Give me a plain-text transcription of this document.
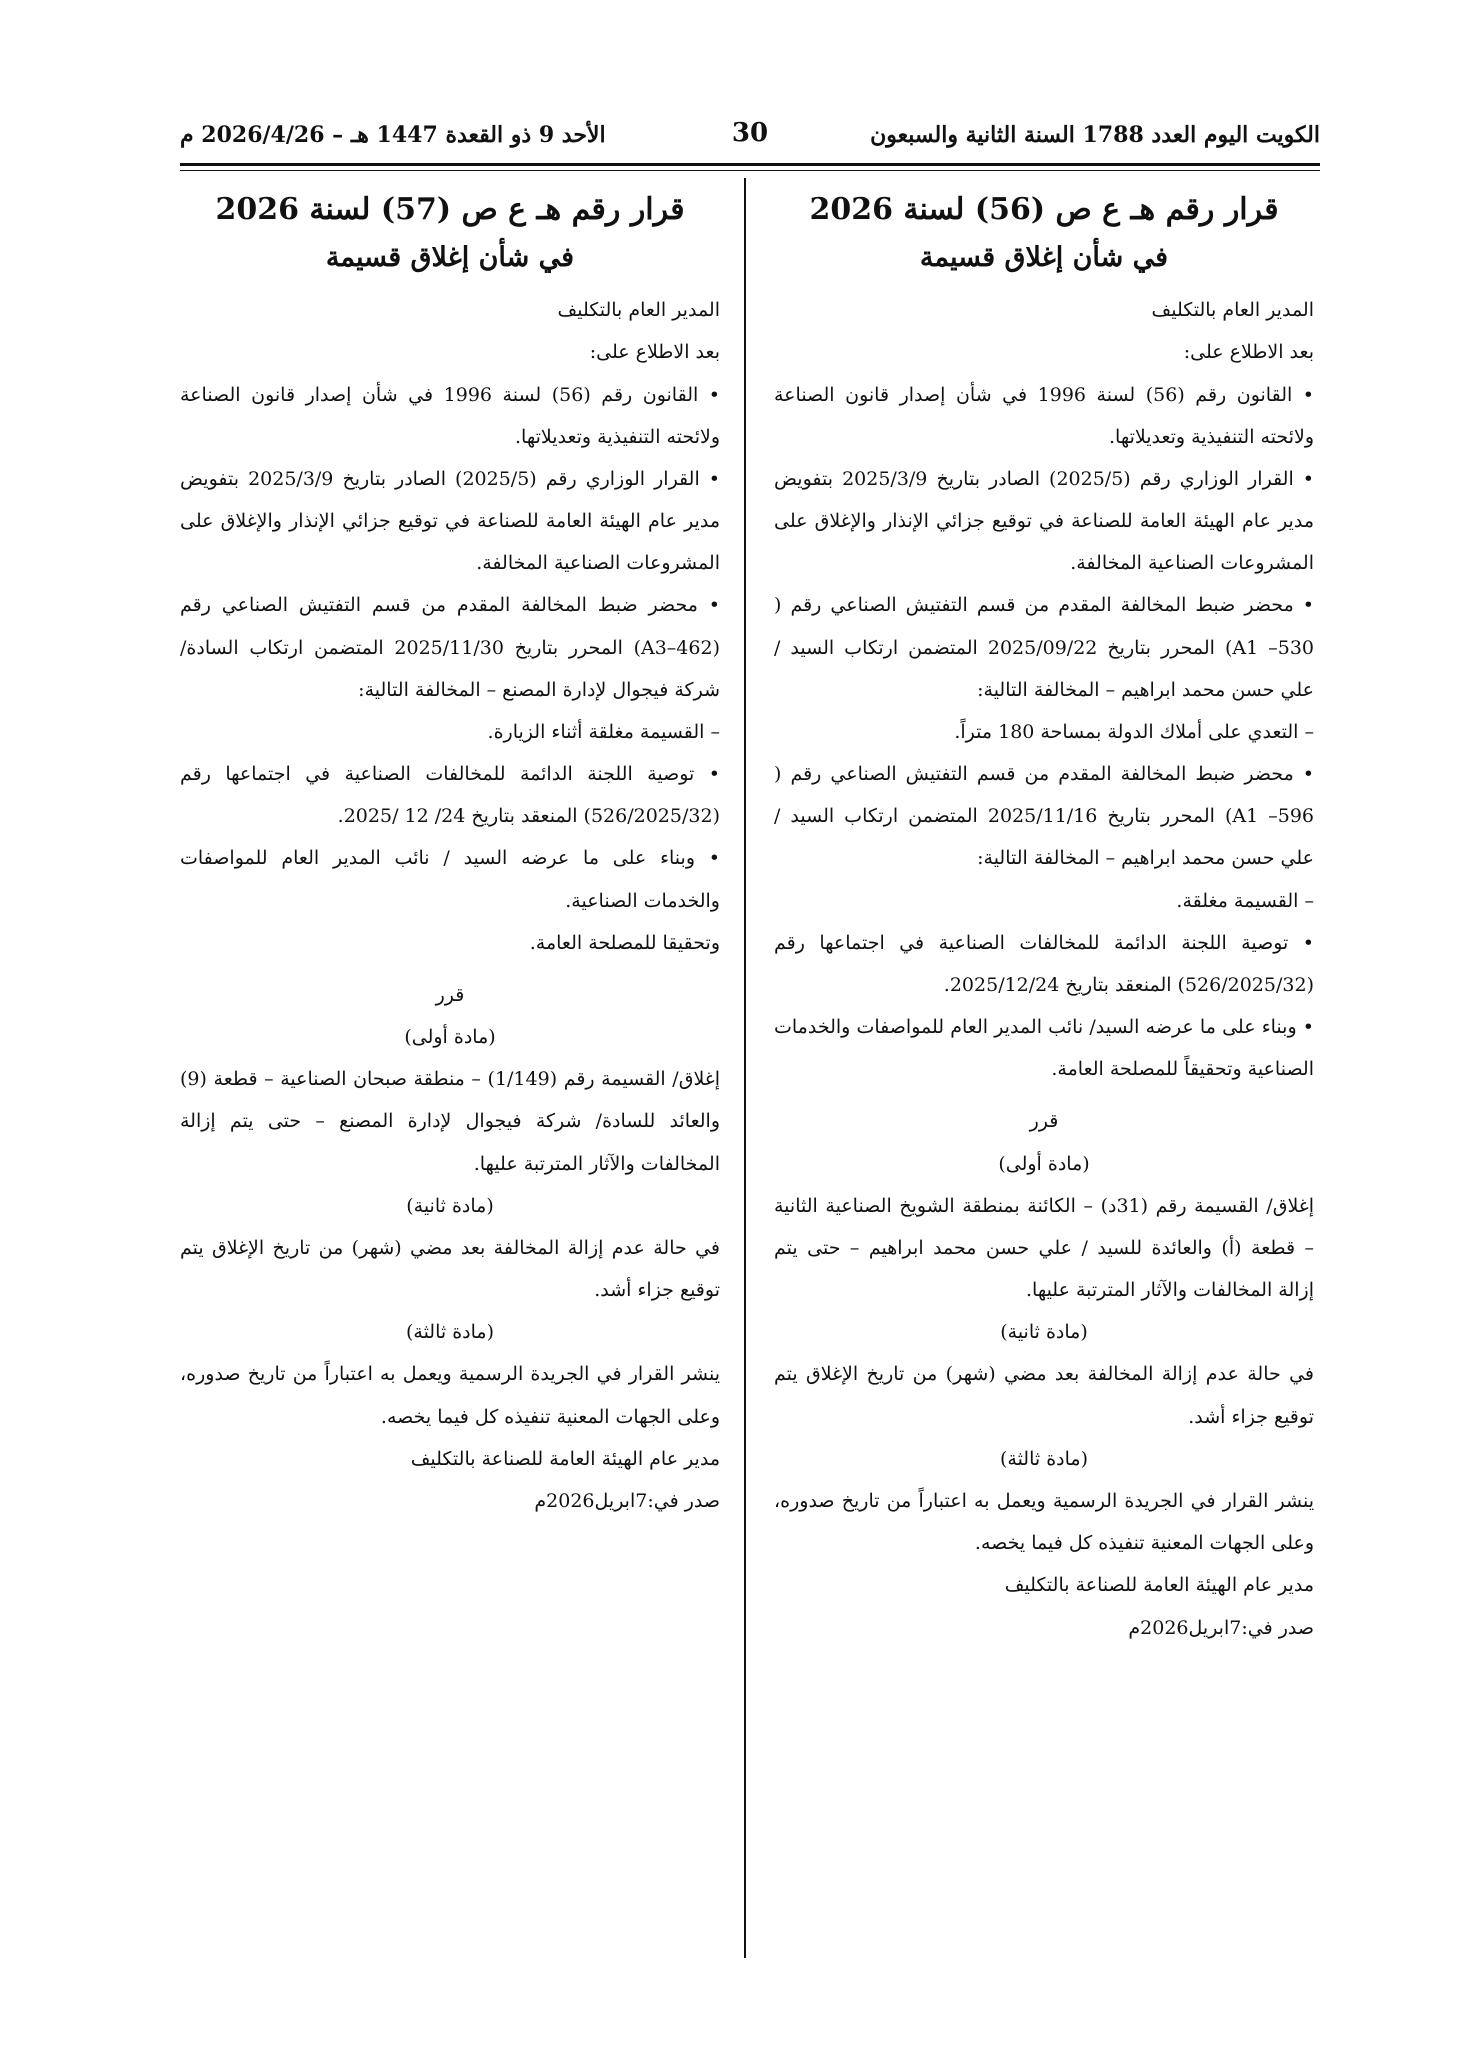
الكويت اليوم العدد 1788 السنة الثانية والسبعون
30
الأحد 9 ذو القعدة 1447 هـ – 2026/4/26 م
قرار رقم هـ ع ص (56) لسنة 2026
في شأن إغلاق قسيمة

المدير العام بالتكليف

بعد الاطلاع على:

• القانون رقم (56) لسنة 1996 في شأن إصدار قانون الصناعة ولائحته التنفيذية وتعديلاتها.

• القرار الوزاري رقم (2025/5) الصادر بتاريخ 2025/3/9 بتفويض مدير عام الهيئة العامة للصناعة في توقيع جزائي الإنذار والإغلاق على المشروعات الصناعية المخالفة.

• محضر ضبط المخالفة المقدم من قسم التفتيش الصناعي رقم ( A1 –530) المحرر بتاريخ 2025/09/22 المتضمن ارتكاب السيد / علي حسن محمد ابراهيم – المخالفة التالية:

– التعدي على أملاك الدولة بمساحة 180 متراً.

• محضر ضبط المخالفة المقدم من قسم التفتيش الصناعي رقم ( A1 –596) المحرر بتاريخ 2025/11/16 المتضمن ارتكاب السيد / علي حسن محمد ابراهيم – المخالفة التالية:

– القسيمة مغلقة.

• توصية اللجنة الدائمة للمخالفات الصناعية في اجتماعها رقم (526/2025/32) المنعقد بتاريخ 2025/12/24.

• وبناء على ما عرضه السيد/ نائب المدير العام للمواصفات والخدمات الصناعية وتحقيقاً للمصلحة العامة.

قرر

(مادة أولى)

إغلاق/ القسيمة رقم (31د) – الكائنة بمنطقة الشويخ الصناعية الثانية – قطعة (أ) والعائدة للسيد / علي حسن محمد ابراهيم – حتى يتم إزالة المخالفات والآثار المترتبة عليها.

(مادة ثانية)

في حالة عدم إزالة المخالفة بعد مضي (شهر) من تاريخ الإغلاق يتم توقيع جزاء أشد.

(مادة ثالثة)

ينشر القرار في الجريدة الرسمية ويعمل به اعتباراً من تاريخ صدوره، وعلى الجهات المعنية تنفيذه كل فيما يخصه.

مدير عام الهيئة العامة للصناعة بالتكليف

صدر في:7ابريل2026م

قرار رقم هـ ع ص (57) لسنة 2026
في شأن إغلاق قسيمة

المدير العام بالتكليف

بعد الاطلاع على:

• القانون رقم (56) لسنة 1996 في شأن إصدار قانون الصناعة ولائحته التنفيذية وتعديلاتها.

• القرار الوزاري رقم (2025/5) الصادر بتاريخ 2025/3/9 بتفويض مدير عام الهيئة العامة للصناعة في توقيع جزائي الإنذار والإغلاق على المشروعات الصناعية المخالفة.

• محضر ضبط المخالفة المقدم من قسم التفتيش الصناعي رقم (A3–462) المحرر بتاريخ 2025/11/30 المتضمن ارتكاب السادة/ شركة فيجوال لإدارة المصنع – المخالفة التالية:

– القسيمة مغلقة أثناء الزيارة.

• توصية اللجنة الدائمة للمخالفات الصناعية في اجتماعها رقم (526/2025/32) المنعقد بتاريخ 24/ 12 /2025.

• وبناء على ما عرضه السيد / نائب المدير العام للمواصفات والخدمات الصناعية.

وتحقيقا للمصلحة العامة.

قرر

(مادة أولى)

إغلاق/ القسيمة رقم (1/149) – منطقة صبحان الصناعية – قطعة (9) والعائد للسادة/ شركة فيجوال لإدارة المصنع – حتى يتم إزالة المخالفات والآثار المترتبة عليها.

(مادة ثانية)

في حالة عدم إزالة المخالفة بعد مضي (شهر) من تاريخ الإغلاق يتم توقيع جزاء أشد.

(مادة ثالثة)

ينشر القرار في الجريدة الرسمية ويعمل به اعتباراً من تاريخ صدوره، وعلى الجهات المعنية تنفيذه كل فيما يخصه.

مدير عام الهيئة العامة للصناعة بالتكليف

صدر في:7ابريل2026م
